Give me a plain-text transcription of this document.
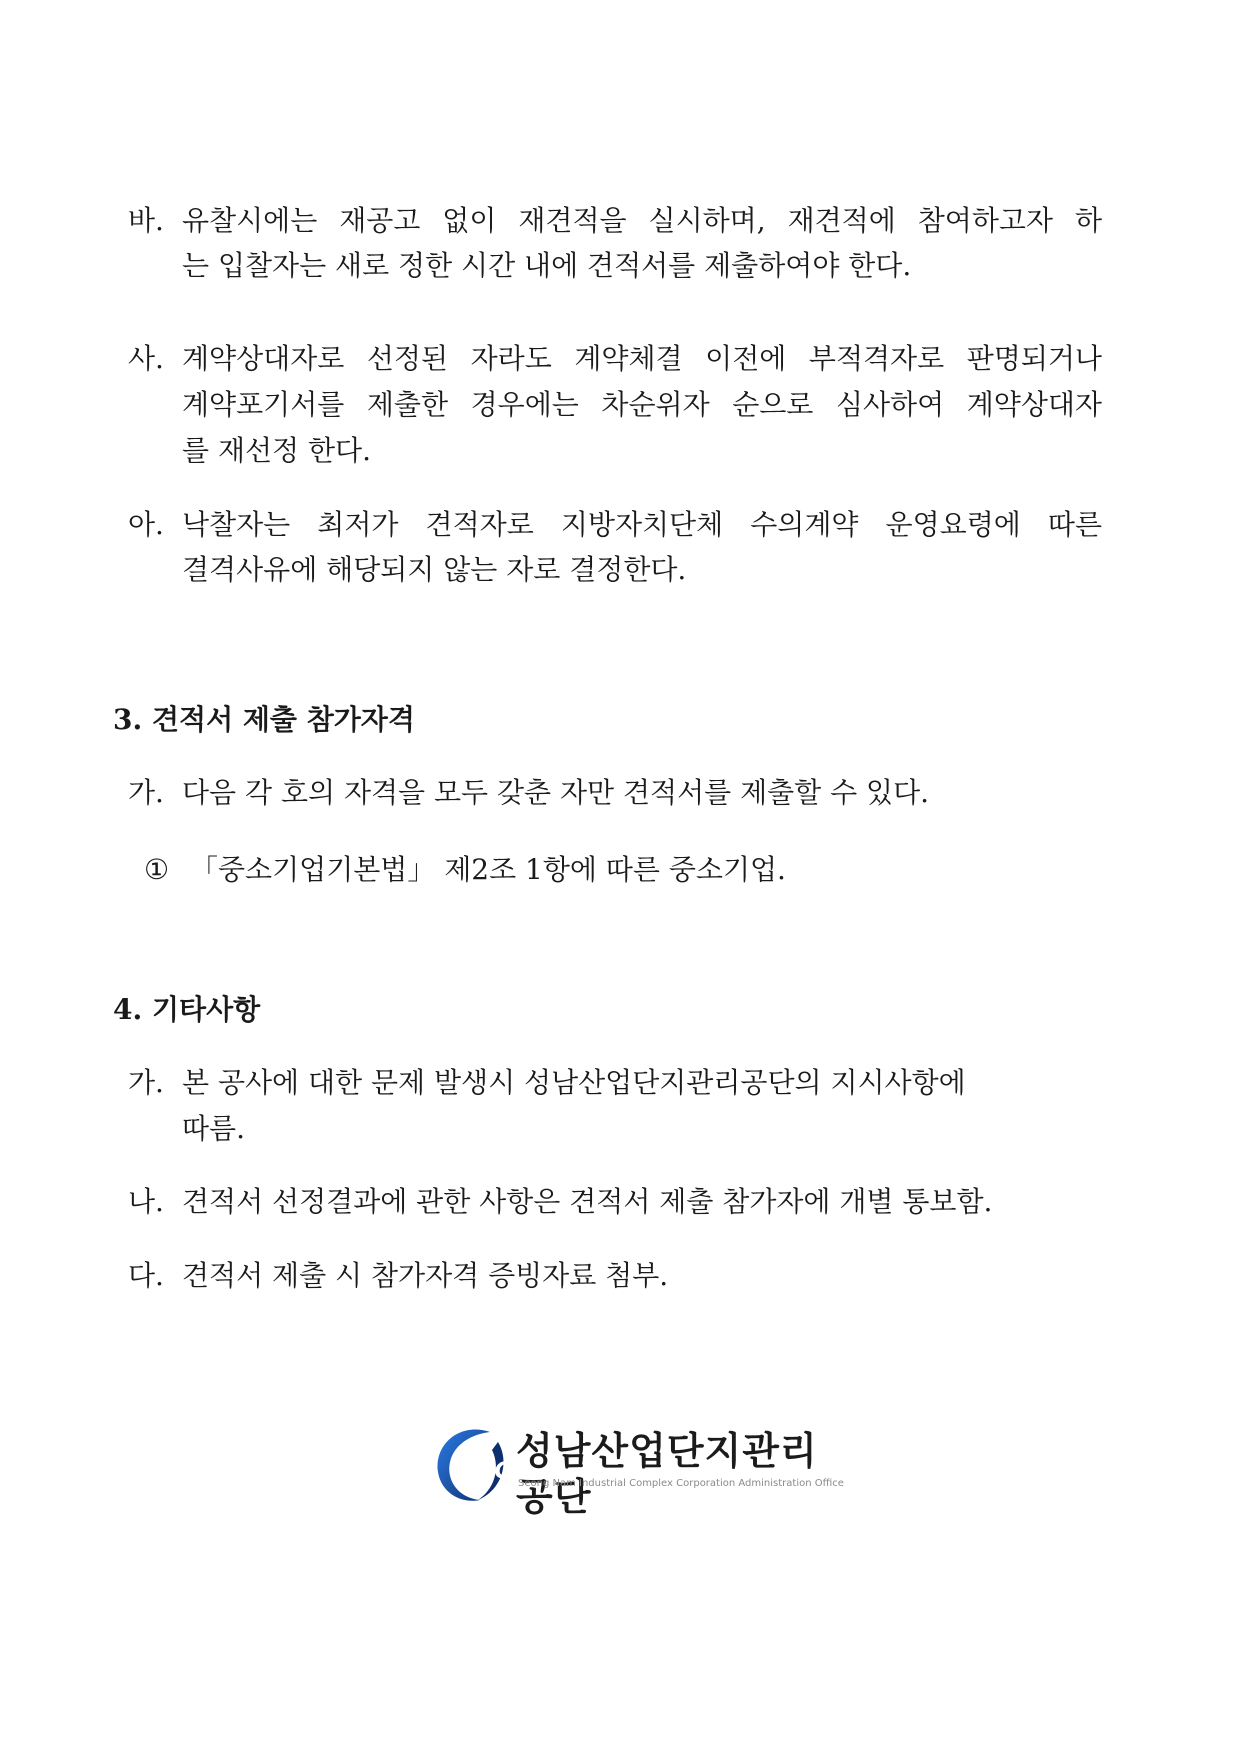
바. 유찰시에는 재공고 없이 재견적을 실시하며, 재견적에 참여하고자 하
는 입찰자는 새로 정한 시간 내에 견적서를 제출하여야 한다.
사. 계약상대자로 선정된 자라도 계약체결 이전에 부적격자로 판명되거나
계약포기서를 제출한 경우에는 차순위자 순으로 심사하여 계약상대자
를 재선정 한다.
아. 낙찰자는 최저가 견적자로 지방자치단체 수의계약 운영요령에 따른
결격사유에 해당되지 않는 자로 결정한다.
3. 견적서 제출 참가자격
가. 다음 각 호의 자격을 모두 갖춘 자만 견적서를 제출할 수 있다.
① 「중소기업기본법」 제2조 1항에 따른 중소기업.
4. 기타사항
가. 본 공사에 대한 문제 발생시 성남산업단지관리공단의 지시사항에
따름.
나. 견적서 선정결과에 관한 사항은 견적서 제출 참가자에 개별 통보함.
다. 견적서 제출 시 참가자격 증빙자료 첨부.
SNIC 성남산업단지관리공단
Seong Nam Industrial Complex Corporation Administration Office
